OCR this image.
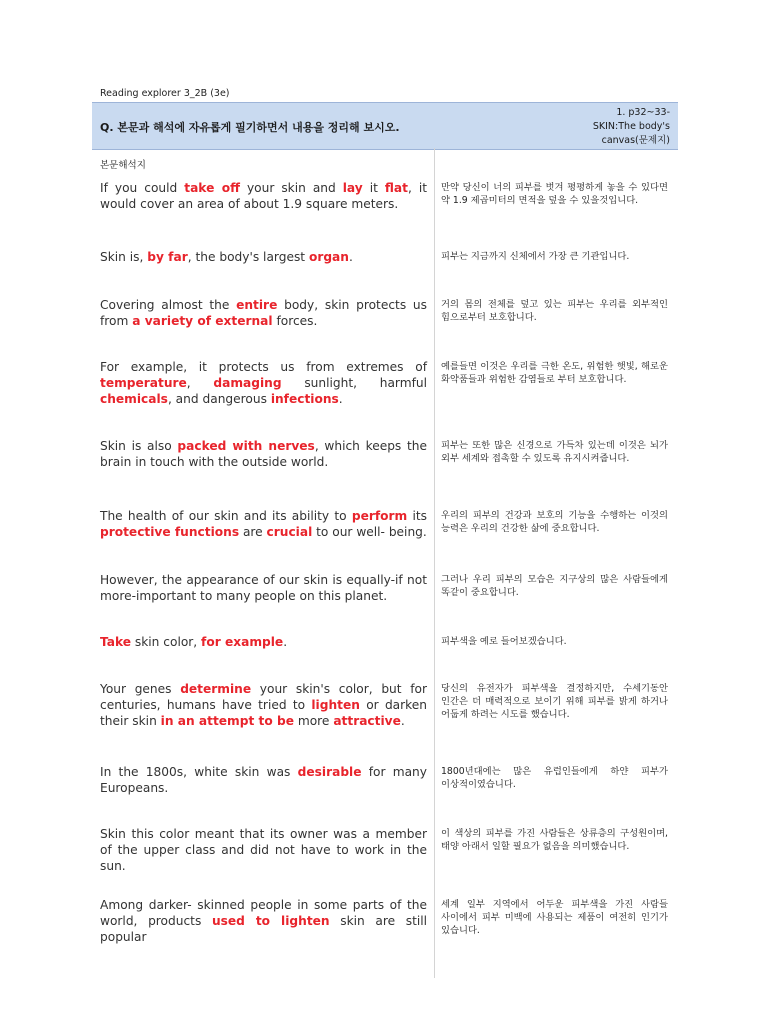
Reading explorer 3_2B (3e)
Q. 본문과 해석에 자유롭게 필기하면서 내용을 정리해 보시오.
1. p32~33-
SKIN:The body's
canvas(문제지)
본문해석지
If you could take off your skin and lay it flat, it would cover an area of about 1.9 square meters.
만약 당신이 너의 피부를 벗겨 평평하게 놓을 수 있다면 약 1.9 제곱미터의 면적을 덮을 수 있을것입니다.
Skin is, by far, the body's largest organ.	피부는 지금까지 신체에서 가장 큰 기관입니다.
Covering almost the entire body, skin protects us from a variety of external forces.
거의 몸의 전체를 덮고 있는 피부는 우리를 외부적인 힘으로부터 보호합니다.
For example, it protects us from extremes of temperature, damaging sunlight, harmful chemicals, and dangerous infections.
예를들면 이것은 우리를 극한 온도, 위험한 햇빛, 해로운 화약품들과 위험한 감염들로 부터 보호합니다.
Skin is also packed with nerves, which keeps the brain in touch with the outside world.
피부는 또한 많은 신경으로 가득차 있는데 이것은 뇌가 외부 세계와 접촉할 수 있도록 유지시켜줍니다.
The health of our skin and its ability to perform its protective functions are crucial to our well- being.
우리의 피부의 건강과 보호의 기능을 수행하는 이것의 능력은 우리의 건강한 삶에 중요합니다.
However, the appearance of our skin is equally-if not more-important to many people on this planet.
그러나 우리 피부의 모습은 지구상의 많은 사람들에게 똑같이 중요합니다.
Take skin color, for example.	피부색을 예로 들어보겠습니다.
Your genes determine your skin's color, but for centuries, humans have tried to lighten or darken their skin in an attempt to be more attractive.
당신의 유전자가 피부색을 결정하지만, 수세기동안 인간은 더 매력적으로 보이기 위해 피부를 밝게 하거나 어둡게 하려는 시도를 했습니다.
In the 1800s, white skin was desirable for many Europeans.
1800년대에는 많은 유럽인들에게 하얀 피부가 이상적이였습니다.
Skin this color meant that its owner was a member of the upper class and did not have to work in the sun.
이 색상의 피부를 가진 사람들은 상류층의 구성원이며, 태양 아래서 일할 필요가 없음을 의미했습니다.
Among darker- skinned people in some parts of the world, products used to lighten skin are still popular
세계 일부 지역에서 어두운 피부색을 가진 사람들 사이에서 피부 미백에 사용되는 제품이 여전히 인기가 있습니다.
